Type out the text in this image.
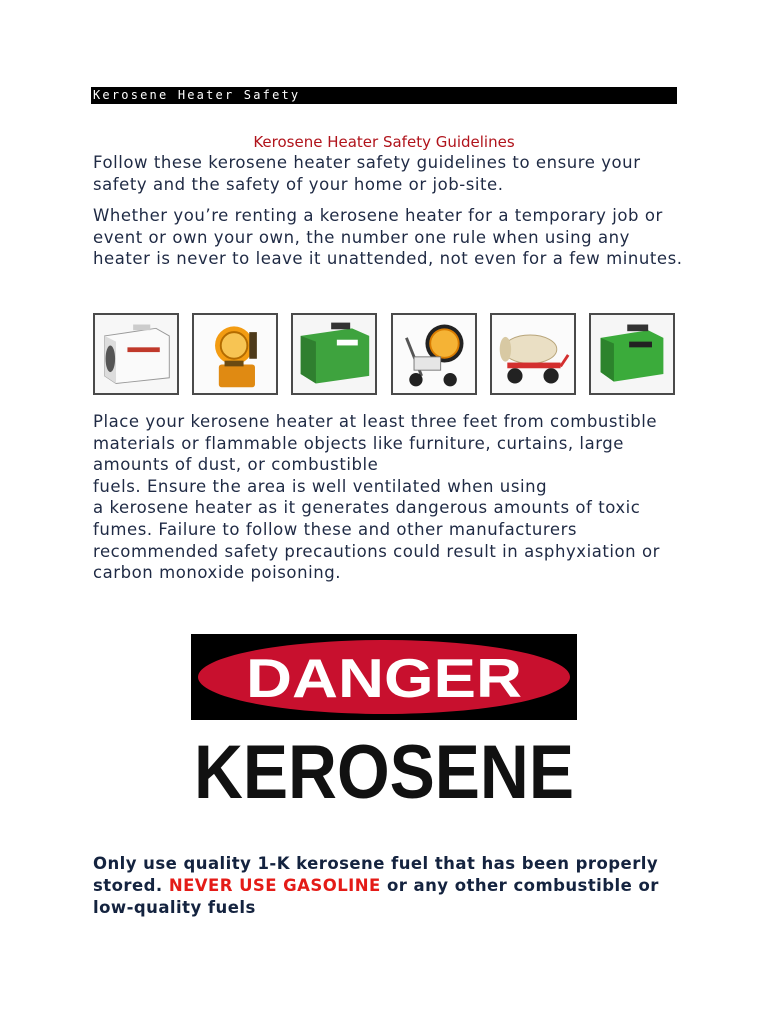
Kerosene Heater Safety
Kerosene Heater Safety Guidelines

Follow these kerosene heater safety guidelines to ensure your safety and the safety of your home or job-site.

Whether you’re renting a kerosene heater for a temporary job or event or own your own, the number one rule when using any heater is never to leave it unattended, not even for a few minutes.

Place your kerosene heater at least three feet from combustible materials or flammable objects like furniture, curtains, large amounts of dust, or combustible
fuels. Ensure the area is well ventilated when using
a kerosene heater as it generates dangerous amounts of toxic fumes. Failure to follow these and other manufacturers recommended safety precautions could result in asphyxiation or carbon monoxide poisoning.

DANGER
KEROSENE

Only use quality 1-K kerosene fuel that has been properly stored. NEVER USE GASOLINE or any other combustible or low-quality fuels
